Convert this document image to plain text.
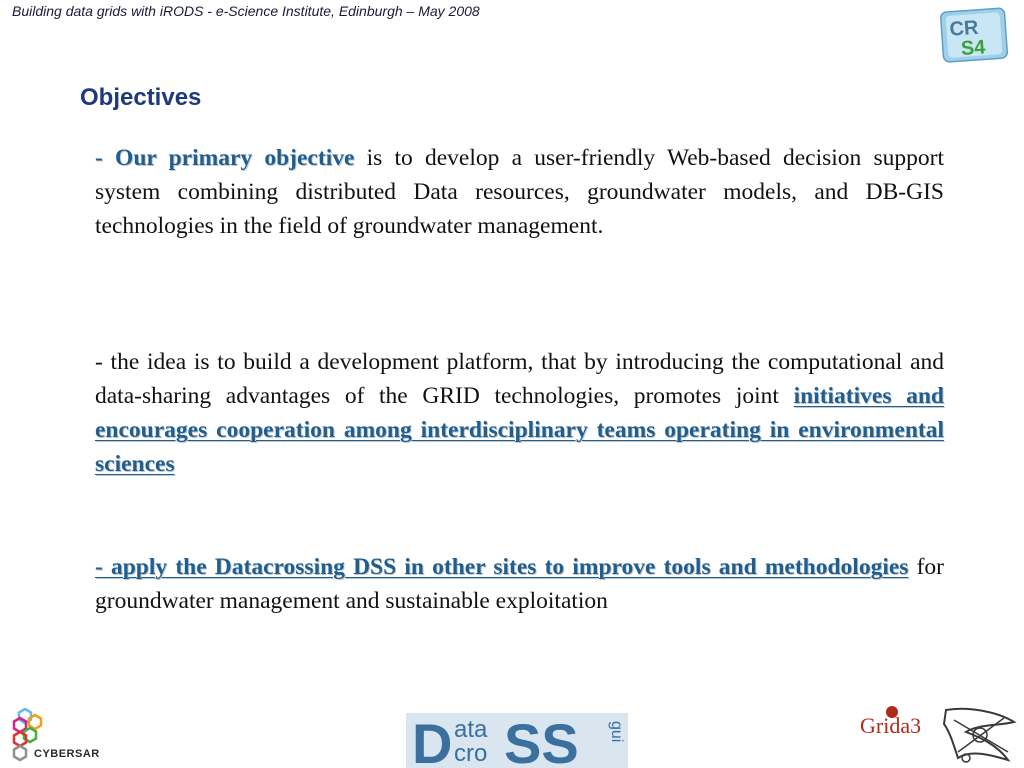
Building data grids with iRODS - e-Science Institute, Edinburgh – May 2008
CR
S4
Objectives

- Our primary objective is to develop a user-friendly Web-based decision support system combining distributed Data resources, groundwater models, and DB-GIS technologies in the field of groundwater management.

- the idea is to build a development platform, that by introducing the computational and data-sharing advantages of the GRID technologies, promotes joint initiatives and encourages cooperation among interdisciplinary teams operating in environmental sciences

- apply the Datacrossing DSS in other sites to improve tools and methodologies for groundwater management and sustainable exploitation

CYBERSAR	D ata
cro SS gui	Grida3
